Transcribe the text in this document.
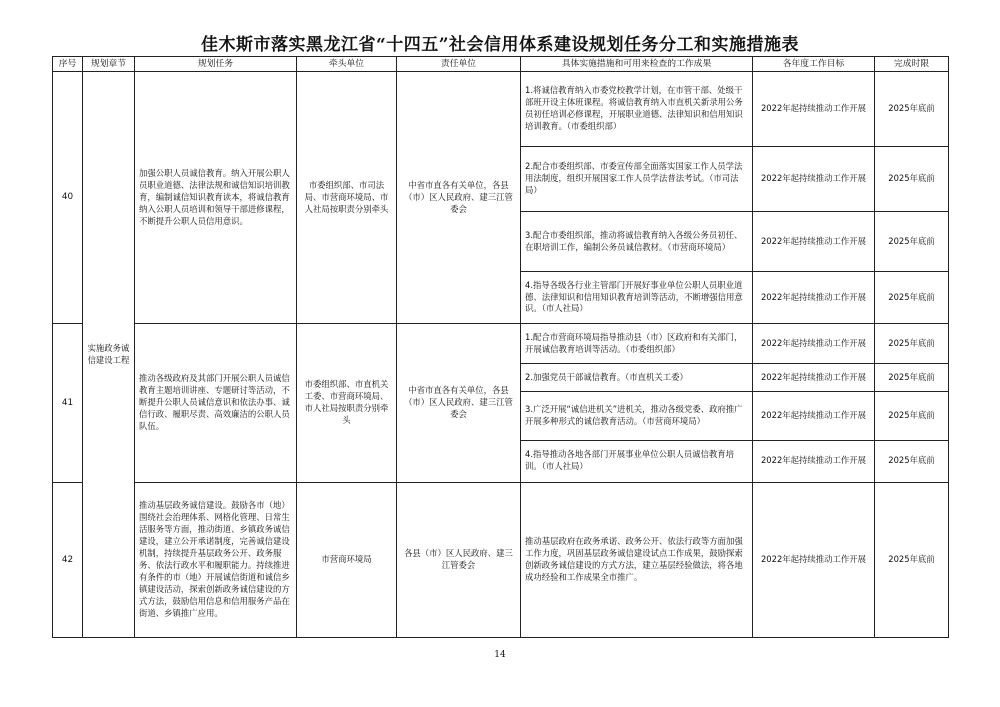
佳木斯市落实黑龙江省“十四五”社会信用体系建设规划任务分工和实施措施表
序号	规划章节	规划任务	牵头单位	责任单位	具体实施措施和可用来检查的工作成果	各年度工作目标	完成时限
40	实施政务诚信建设工程	加强公职人员诚信教育。纳入开展公职人员职业道德、法律法规和诚信知识培训教育，编制诚信知识教育读本，将诚信教育纳入公职人员培训和领导干部进修课程，不断提升公职人员信用意识。	市委组织部、市司法局、市营商环境局、市人社局按职责分别牵头	中省市直各有关单位，各县（市）区人民政府、建三江管委会	1.将诚信教育纳入市委党校教学计划，在市管干部、处级干部班开设主体班课程。将诚信教育纳入市直机关新录用公务员初任培训必修课程，开展职业道德、法律知识和信用知识培训教育。（市委组织部）	2022年起持续推动工作开展	2025年底前
					2.配合市委组织部、市委宣传部全面落实国家工作人员学法用法制度，组织开展国家工作人员学法普法考试。（市司法局）	2022年起持续推动工作开展	2025年底前
					3.配合市委组织部，推动将诚信教育纳入各级公务员初任、在职培训工作，编制公务员诚信教材。（市营商环境局）	2022年起持续推动工作开展	2025年底前
					4.指导各级各行业主管部门开展好事业单位公职人员职业道德、法律知识和信用知识教育培训等活动，不断增强信用意识。（市人社局）	2022年起持续推动工作开展	2025年底前
41		推动各级政府及其部门开展公职人员诚信教育主题培训讲座、专题研讨等活动，不断提升公职人员诚信意识和依法办事、诚信行政、履职尽责、高效廉洁的公职人员队伍。	市委组织部、市直机关工委、市营商环境局、市人社局按职责分别牵头	中省市直各有关单位，各县（市）区人民政府、建三江管委会	1.配合市营商环境局指导推动县（市）区政府和有关部门，开展诚信教育培训等活动。（市委组织部）	2022年起持续推动工作开展	2025年底前
					2.加强党员干部诚信教育。（市直机关工委）	2022年起持续推动工作开展	2025年底前
					3.广泛开展“诚信进机关”进机关，推动各级党委、政府推广开展多种形式的诚信教育活动。（市营商环境局）	2022年起持续推动工作开展	2025年底前
					4.指导推动各地各部门开展事业单位公职人员诚信教育培训。（市人社局）	2022年起持续推动工作开展	2025年底前
42		推动基层政务诚信建设。鼓励各市（地）围绕社会治理体系、网格化管理、日常生活服务等方面，推动街道、乡镇政务诚信建设，建立公开承诺制度，完善诚信建设机制，持续提升基层政务公开、政务服务、依法行政水平和履职能力。持续推进有条件的市（地）开展诚信街道和诚信乡镇建设活动，探索创新政务诚信建设的方式方法，鼓励信用信息和信用服务产品在街道、乡镇推广应用。	市营商环境局	各县（市）区人民政府、建三江管委会	推动基层政府在政务承诺、政务公开、依法行政等方面加强工作力度，巩固基层政务诚信建设试点工作成果，鼓励探索创新政务诚信建设的方式方法，建立基层经验做法，将各地成功经验和工作成果全市推广。	2022年起持续推动工作开展	2025年底前
14
